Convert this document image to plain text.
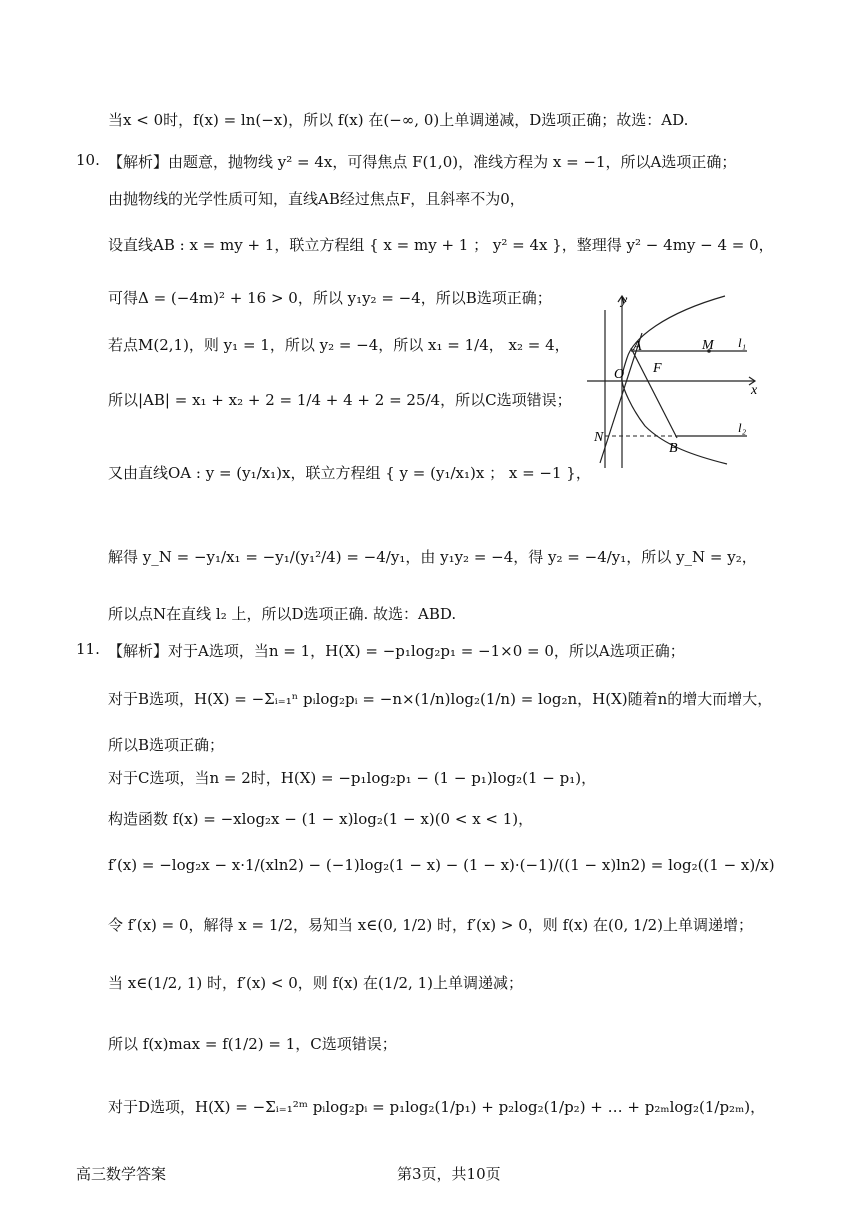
10.
11.
当x < 0时，f(x) = ln(−x)，所以 f(x) 在(−∞, 0)上单调递减，D选项正确；故选：AD.
【解析】由题意，抛物线 y² = 4x，可得焦点 F(1,0)，准线方程为 x = −1，所以A选项正确；
由抛物线的光学性质可知，直线AB经过焦点F，且斜率不为0，
设直线AB : x = my + 1，联立方程组 { x = my + 1 ； y² = 4x }，整理得 y² − 4my − 4 = 0，
可得Δ = (−4m)² + 16 > 0，所以 y₁y₂ = −4，所以B选项正确；
若点M(2,1)，则 y₁ = 1，所以 y₂ = −4，所以 x₁ = 1/4， x₂ = 4，
所以|AB| = x₁ + x₂ + 2 = 1/4 + 4 + 2 = 25/4，所以C选项错误；
又由直线OA : y = (y₁/x₁)x，联立方程组 { y = (y₁/x₁)x ； x = −1 }，
解得 y_N = −y₁/x₁ = −y₁/(y₁²/4) = −4/y₁，由 y₁y₂ = −4，得 y₂ = −4/y₁，所以 y_N = y₂，
所以点N在直线 l₂ 上，所以D选项正确. 故选：ABD.
【解析】对于A选项，当n = 1，H(X) = −p₁log₂p₁ = −1×0 = 0，所以A选项正确；
对于B选项，H(X) = −Σᵢ₌₁ⁿ pᵢlog₂pᵢ = −n×(1/n)log₂(1/n) = log₂n，H(X)随着n的增大而增大，
所以B选项正确；
对于C选项，当n = 2时，H(X) = −p₁log₂p₁ − (1 − p₁)log₂(1 − p₁)，
构造函数 f(x) = −xlog₂x − (1 − x)log₂(1 − x)(0 < x < 1)，
f′(x) = −log₂x − x·1/(xln2) − (−1)log₂(1 − x) − (1 − x)·(−1)/((1 − x)ln2) = log₂((1 − x)/x)
令 f′(x) = 0，解得 x = 1/2，易知当 x∈(0, 1/2) 时，f′(x) > 0，则 f(x) 在(0, 1/2)上单调递增；
当 x∈(1/2, 1) 时，f′(x) < 0，则 f(x) 在(1/2, 1)上单调递减；
所以 f(x)max = f(1/2) = 1，C选项错误；
对于D选项，H(X) = −Σᵢ₌₁²ᵐ pᵢlog₂pᵢ = p₁log₂(1/p₁) + p₂log₂(1/p₂) + … + p₂ₘlog₂(1/p₂ₘ)，
y
x
O
A	M
F
N
B
l₁
l₂
高三数学答案	第3页，共10页
